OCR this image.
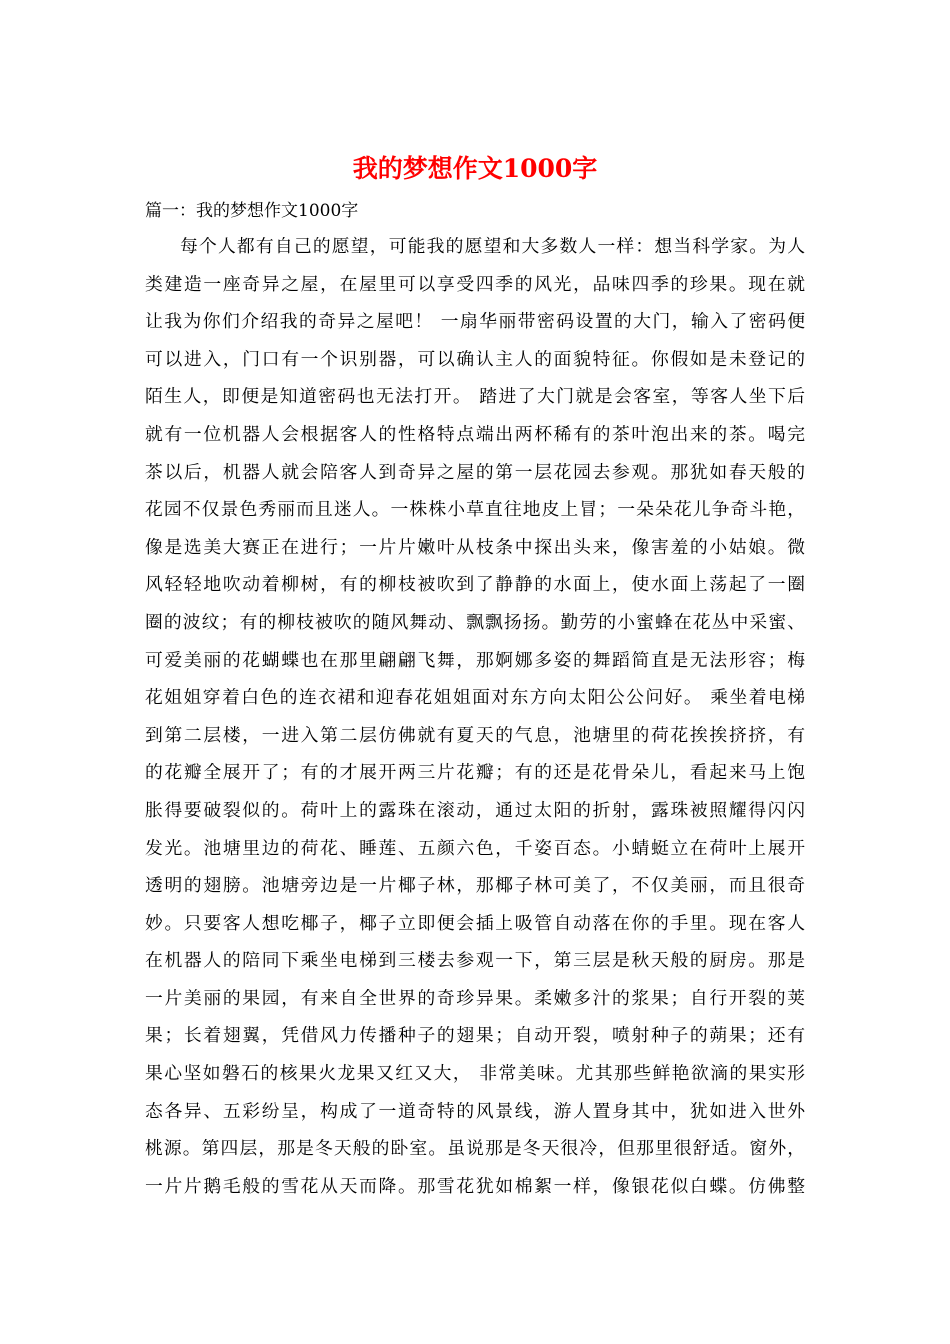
我的梦想作文1000字

篇一：我的梦想作文1000字

每个人都有自己的愿望，可能我的愿望和大多数人一样：想当科学家。为人
类建造一座奇异之屋，在屋里可以享受四季的风光，品味四季的珍果。现在就
让我为你们介绍我的奇异之屋吧！ 一扇华丽带密码设置的大门，输入了密码便
可以进入，门口有一个识别器，可以确认主人的面貌特征。你假如是未登记的
陌生人，即便是知道密码也无法打开。 踏进了大门就是会客室，等客人坐下后
就有一位机器人会根据客人的性格特点端出两杯稀有的茶叶泡出来的茶。喝完
茶以后，机器人就会陪客人到奇异之屋的第一层花园去参观。那犹如春天般的
花园不仅景色秀丽而且迷人。一株株小草直往地皮上冒；一朵朵花儿争奇斗艳，
像是选美大赛正在进行；一片片嫩叶从枝条中探出头来，像害羞的小姑娘。微
风轻轻地吹动着柳树，有的柳枝被吹到了静静的水面上，使水面上荡起了一圈
圈的波纹；有的柳枝被吹的随风舞动、飘飘扬扬。勤劳的小蜜蜂在花丛中采蜜、
可爱美丽的花蝴蝶也在那里翩翩飞舞，那婀娜多姿的舞蹈简直是无法形容；梅
花姐姐穿着白色的连衣裙和迎春花姐姐面对东方向太阳公公问好。 乘坐着电梯
到第二层楼，一进入第二层仿佛就有夏天的气息，池塘里的荷花挨挨挤挤，有
的花瓣全展开了；有的才展开两三片花瓣；有的还是花骨朵儿，看起来马上饱
胀得要破裂似的。荷叶上的露珠在滚动，通过太阳的折射，露珠被照耀得闪闪
发光。池塘里边的荷花、睡莲、五颜六色，千姿百态。小蜻蜓立在荷叶上展开
透明的翅膀。池塘旁边是一片椰子林，那椰子林可美了，不仅美丽，而且很奇
妙。只要客人想吃椰子，椰子立即便会插上吸管自动落在你的手里。现在客人
在机器人的陪同下乘坐电梯到三楼去参观一下，第三层是秋天般的厨房。那是
一片美丽的果园，有来自全世界的奇珍异果。柔嫩多汁的浆果；自行开裂的荚
果；长着翅翼，凭借风力传播种子的翅果；自动开裂，喷射种子的蒴果；还有
果心坚如磐石的核果火龙果又红又大， 非常美味。尤其那些鲜艳欲滴的果实形
态各异、五彩纷呈，构成了一道奇特的风景线，游人置身其中，犹如进入世外
桃源。第四层，那是冬天般的卧室。虽说那是冬天很冷，但那里很舒适。窗外，
一片片鹅毛般的雪花从天而降。那雪花犹如棉絮一样，像银花似白蝶。仿佛整
